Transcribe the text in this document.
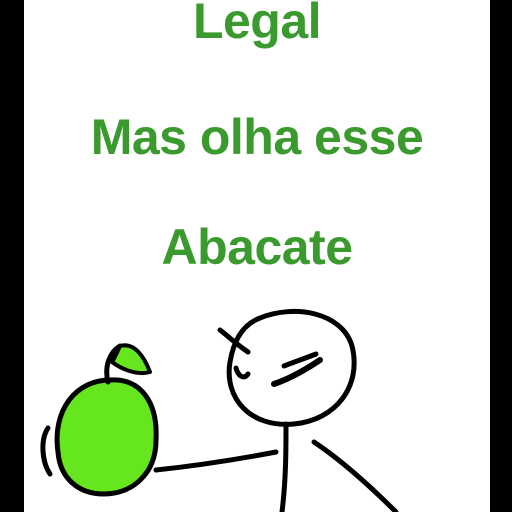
Legal
Mas olha esse
Abacate
